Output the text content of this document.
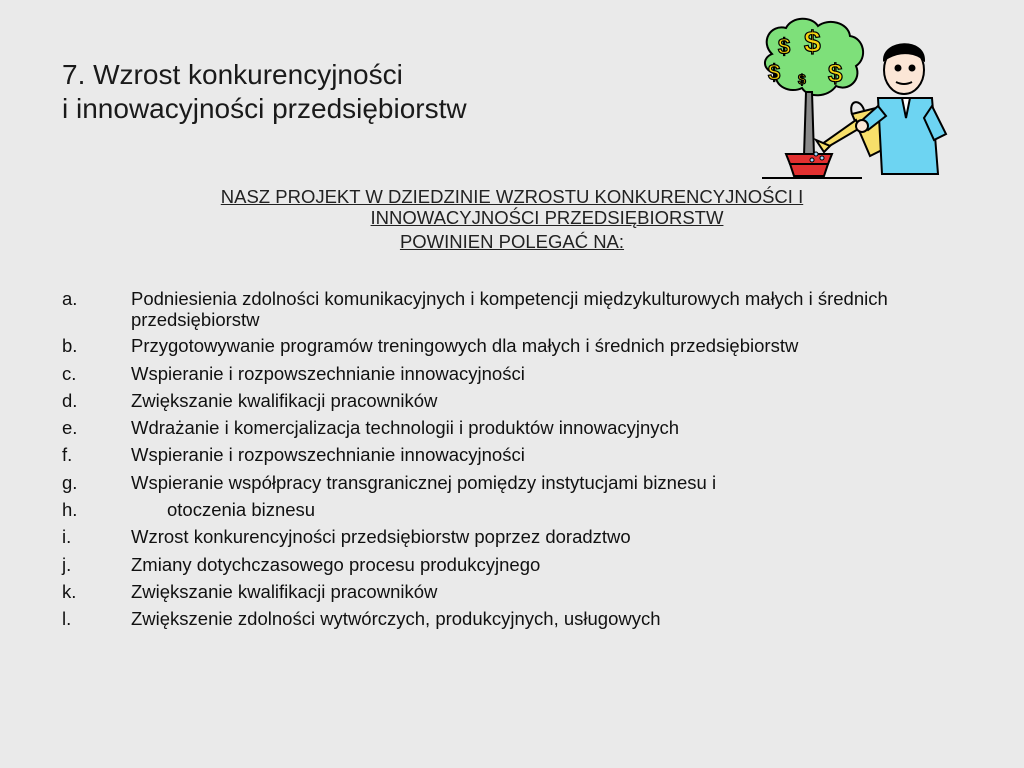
7. Wzrost konkurencyjności
i innowacyjności przedsiębiorstw
$ $
$ $ $
NASZ PROJEKT W DZIEDZINIE WZROSTU KONKURENCYJNOŚCI I
INNOWACYJNOŚCI PRZEDSIĘBIORSTW
POWINIEN POLEGAĆ NA:
a.	Podniesienia zdolności komunikacyjnych i kompetencji międzykulturowych małych i średnich przedsiębiorstw
b.	Przygotowywanie programów treningowych dla małych i średnich przedsiębiorstw
c.	Wspieranie i rozpowszechnianie innowacyjności
d.	Zwiększanie kwalifikacji pracowników
e.	Wdrażanie i komercjalizacja technologii i produktów innowacyjnych
f.	Wspieranie i rozpowszechnianie innowacyjności
g.	Wspieranie współpracy transgranicznej pomiędzy instytucjami biznesu i
h.	otoczenia biznesu
i.	Wzrost konkurencyjności przedsiębiorstw poprzez doradztwo
j.	Zmiany dotychczasowego procesu produkcyjnego
k.	Zwiększanie kwalifikacji pracowników
l.	Zwiększenie zdolności wytwórczych, produkcyjnych, usługowych
